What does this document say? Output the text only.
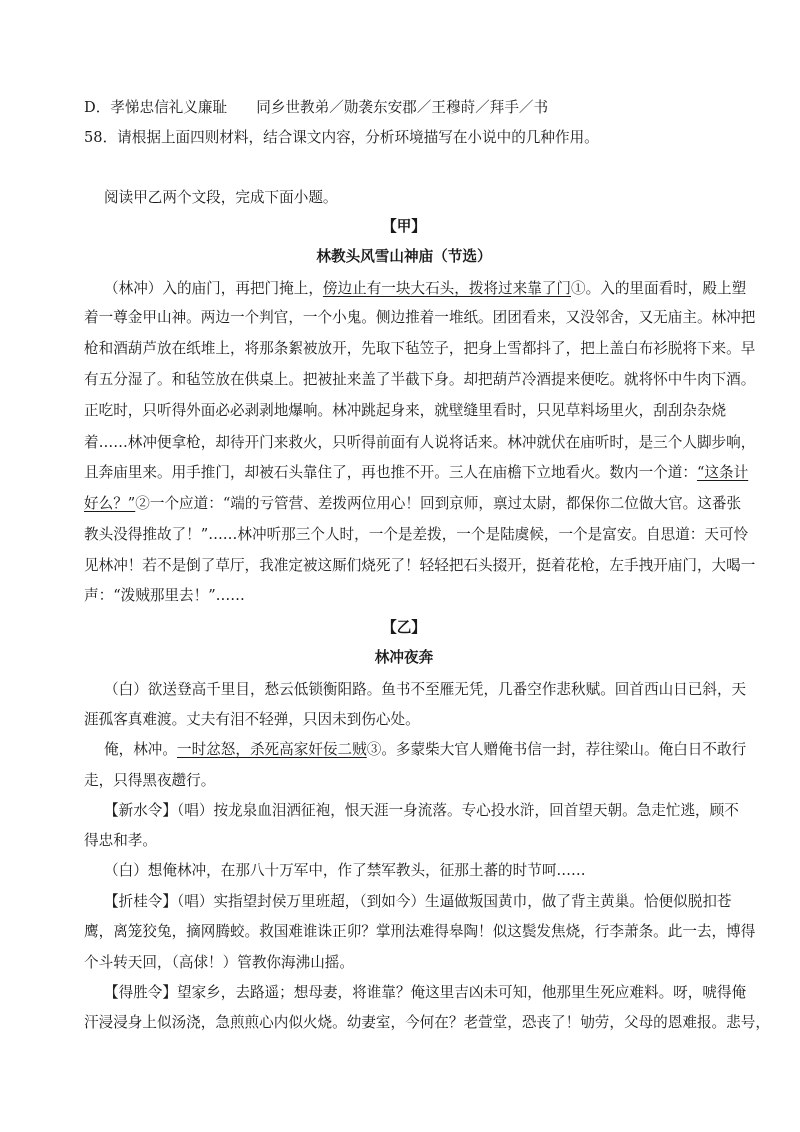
D．孝悌忠信礼义廉耻　　同乡世教弟／勋袭东安郡／王穆莳／拜手／书
58．请根据上面四则材料，结合课文内容，分析环境描写在小说中的几种作用。
阅读甲乙两个文段，完成下面小题。
【甲】
林教头风雪山神庙（节选）
（林冲）入的庙门，再把门掩上，傍边止有一块大石头，拨将过来靠了门①。入的里面看时，殿上塑
着一尊金甲山神。两边一个判官，一个小鬼。侧边推着一堆纸。团团看来，又没邻舍，又无庙主。林冲把
枪和酒葫芦放在纸堆上，将那条絮被放开，先取下毡笠子，把身上雪都抖了，把上盖白布衫脱将下来。早
有五分湿了。和毡笠放在供桌上。把被扯来盖了半截下身。却把葫芦冷酒提来便吃。就将怀中牛肉下酒。
正吃时，只听得外面必必剥剥地爆响。林冲跳起身来，就壁缝里看时，只见草料场里火，刮刮杂杂烧
着……林冲便拿枪，却待开门来救火，只听得前面有人说将话来。林冲就伏在庙听时，是三个人脚步响，
且奔庙里来。用手推门，却被石头靠住了，再也推不开。三人在庙檐下立地看火。数内一个道：“这条计
好么？”②一个应道：“端的亏管营、差拨两位用心！回到京师，禀过太尉，都保你二位做大官。这番张
教头没得推故了！”……林冲听那三个人时，一个是差拨，一个是陆虞候，一个是富安。自思道：天可怜
见林冲！若不是倒了草厅，我准定被这厮们烧死了！轻轻把石头掇开，挺着花枪，左手拽开庙门，大喝一
声：“泼贼那里去！”……
【乙】
林冲夜奔
（白）欲送登高千里目，愁云低锁衡阳路。鱼书不至雁无凭，几番空作悲秋赋。回首西山日已斜，天
涯孤客真难渡。丈夫有泪不轻弹，只因未到伤心处。
俺，林冲。一时忿怒，杀死高家奸佞二贼③。多蒙柴大官人赠俺书信一封，荐往梁山。俺白日不敢行
走，只得黑夜趱行。
【新水令】（唱）按龙泉血泪洒征袍，恨天涯一身流落。专心投水浒，回首望天朝。急走忙逃，顾不
得忠和孝。
（白）想俺林冲，在那八十万军中，作了禁军教头，征那土蕃的时节呵……
【折桂令】（唱）实指望封侯万里班超，（到如今）生逼做叛国黄巾，做了背主黄巢。恰便似脱扣苍
鹰，离笼狡兔，摘网腾蛟。救国难谁诛正卯？掌刑法难得皋陶！似这鬓发焦烧，行李萧条。此一去，博得
个斗转天回，（高俅！）管教你海沸山摇。
【得胜令】望家乡，去路遥；想母妻，将谁靠？俺这里吉凶未可知，他那里生死应难料。呀，唬得俺
汗浸浸身上似汤浇，急煎煎心内似火烧。幼妻室，今何在？老萱堂，恐丧了！劬劳，父母的恩难报。悲号，
